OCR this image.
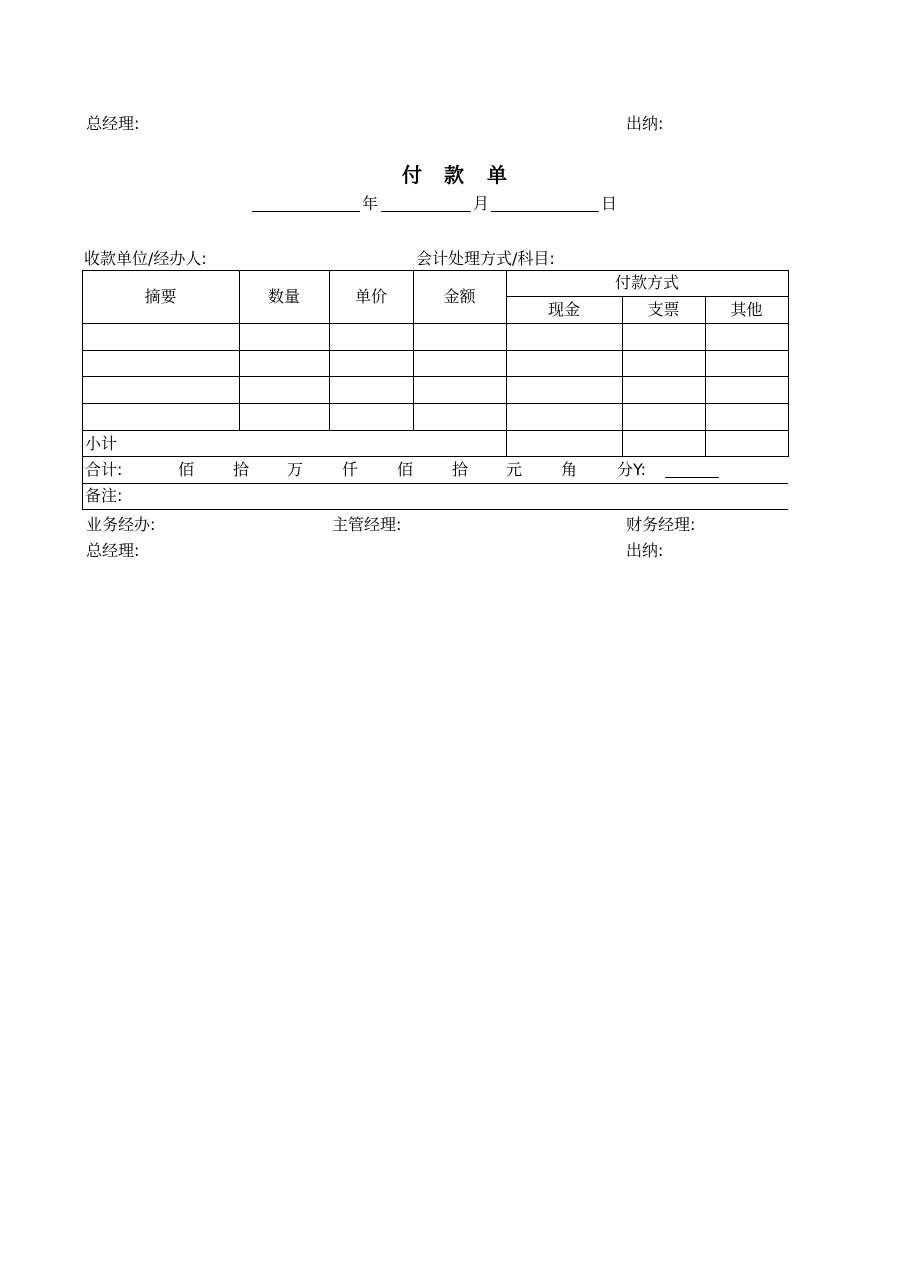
总经理:	出纳:
付 款 单
年	月	日
收款单位/经办人:	会计处理方式/科目:
摘要	数量	单价	金额
付款方式
现金	支票	其他
小计
合计:	佰 拾 万 仟 佰 拾 元 角 分Y:
备注:
业务经办:	主管经理:	财务经理:
总经理:	出纳:
